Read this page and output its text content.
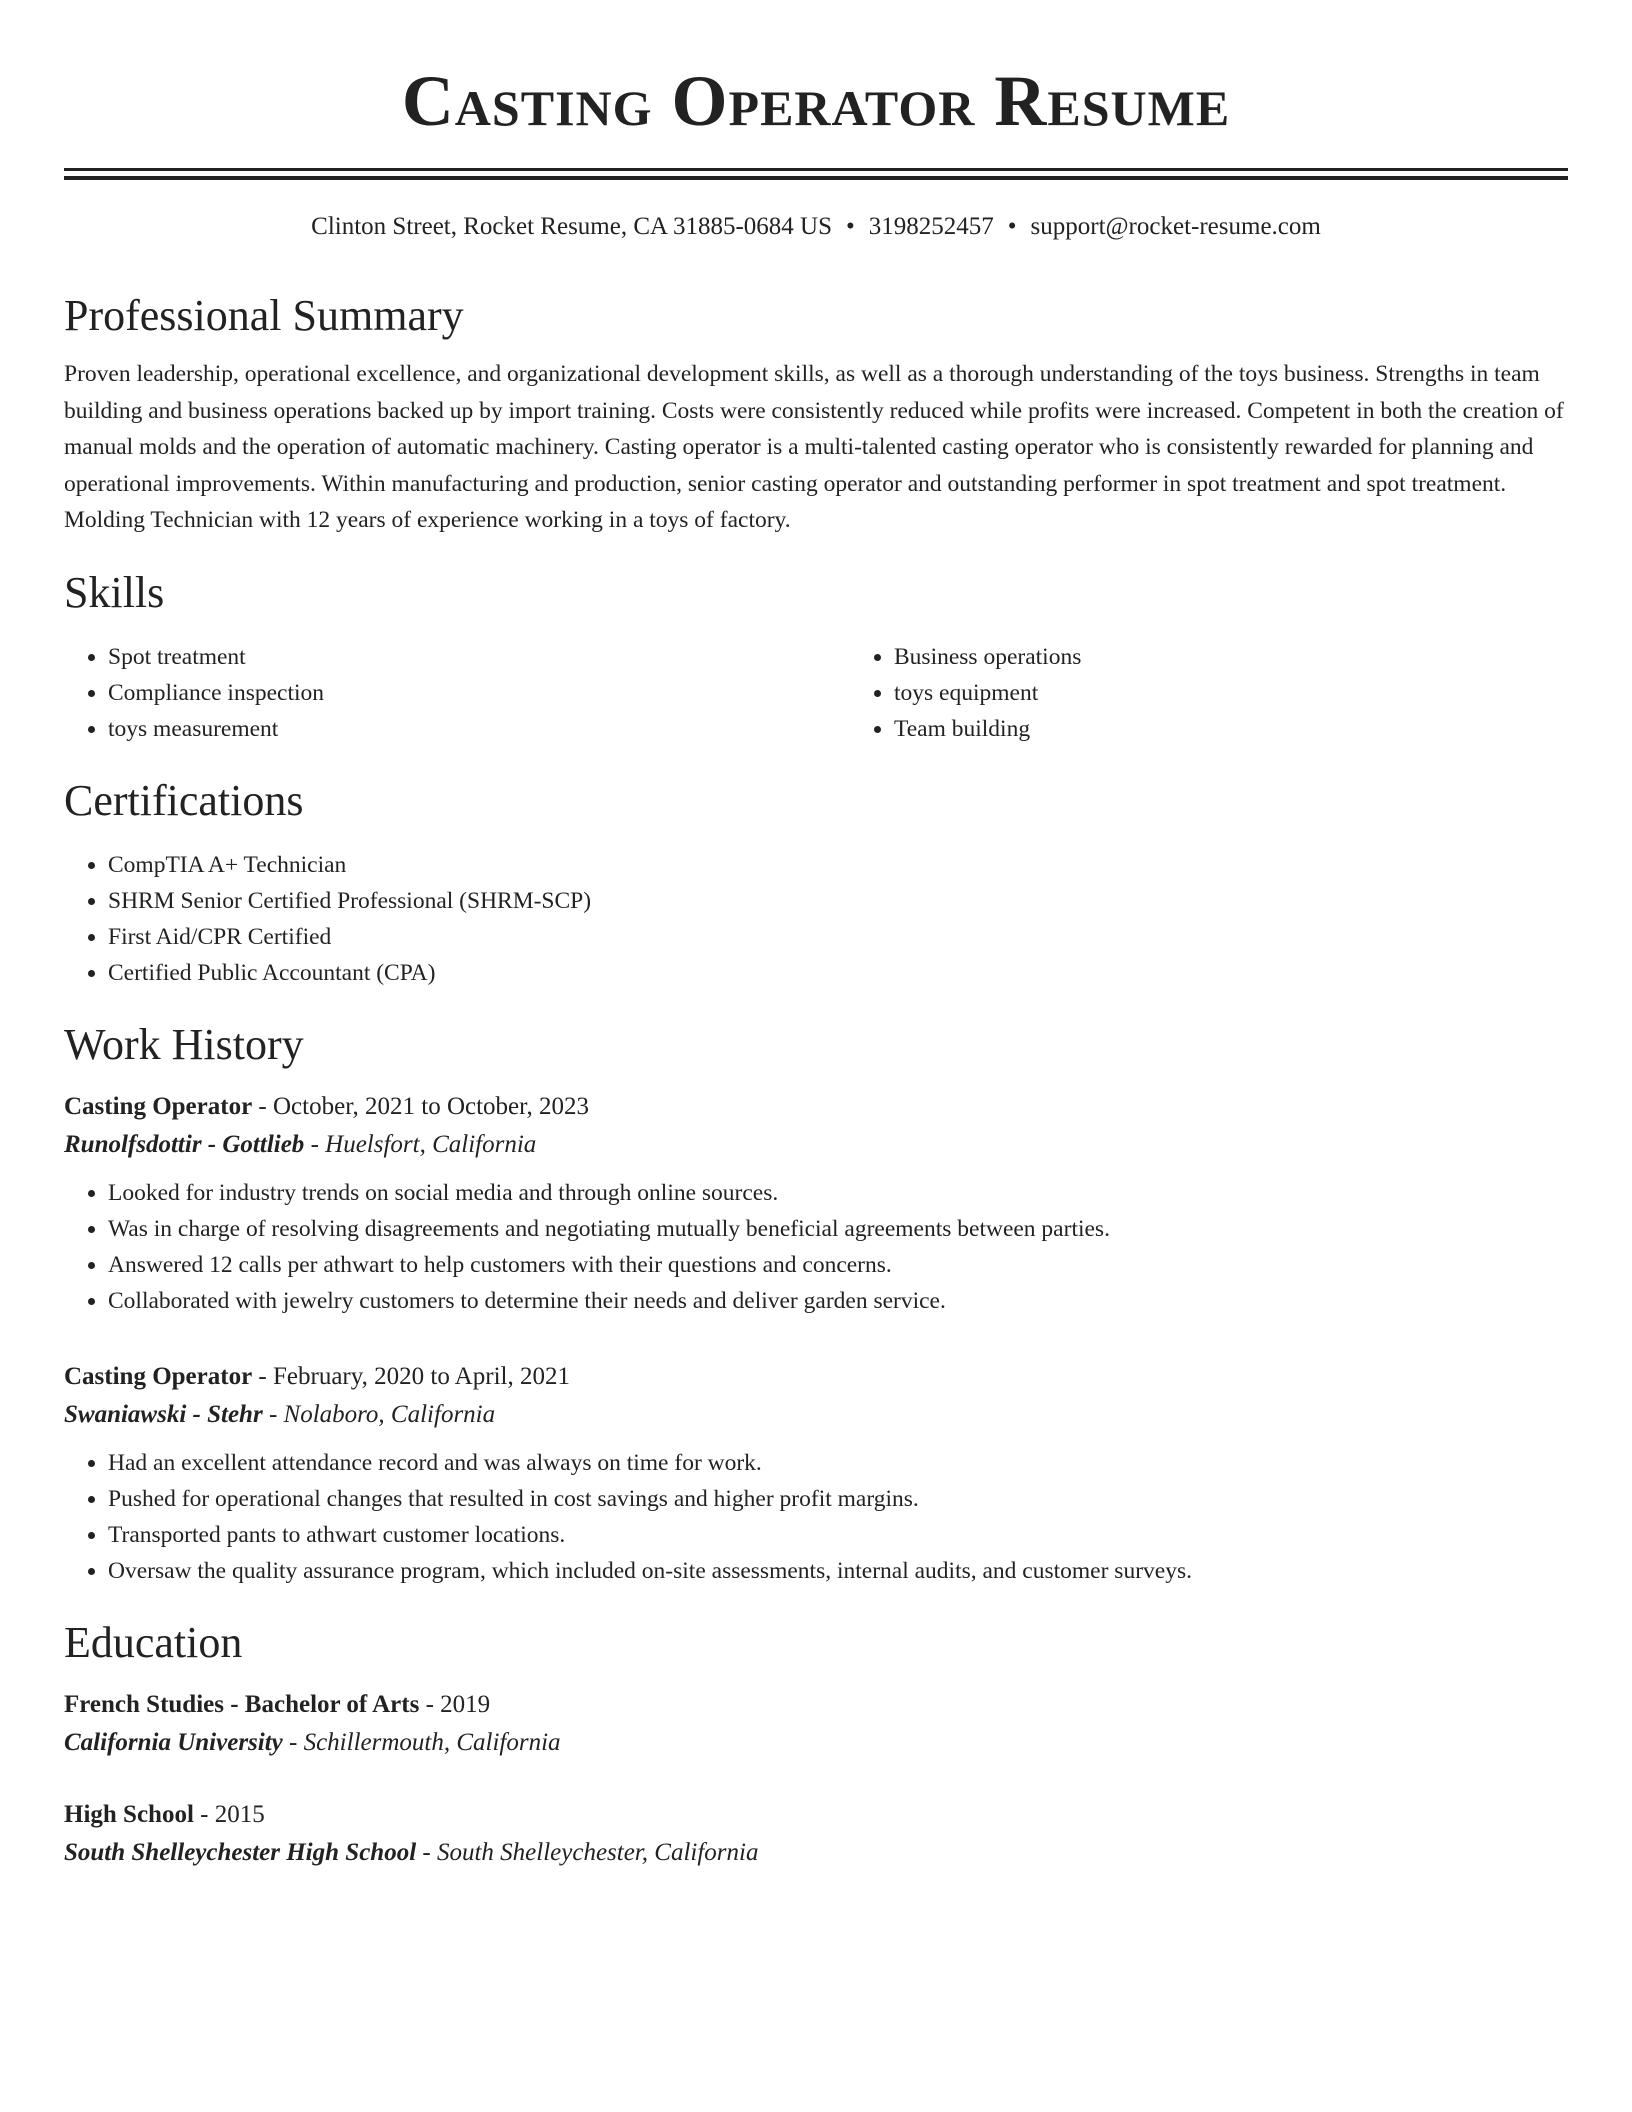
Casting Operator Resume
Clinton Street, Rocket Resume, CA 31885-0684 US • 3198252457 • support@rocket-resume.com
Professional Summary

Proven leadership, operational excellence, and organizational development skills, as well as a thorough understanding of the toys business. Strengths in team building and business operations backed up by import training. Costs were consistently reduced while profits were increased. Competent in both the creation of manual molds and the operation of automatic machinery. Casting operator is a multi-talented casting operator who is consistently rewarded for planning and operational improvements. Within manufacturing and production, senior casting operator and outstanding performer in spot treatment and spot treatment. Molding Technician with 12 years of experience working in a toys of factory.

Skills
• Spot treatment
• Compliance inspection
• toys measurement
• Business operations
• toys equipment
• Team building
Certifications
• CompTIA A+ Technician
• SHRM Senior Certified Professional (SHRM-SCP)
• First Aid/CPR Certified
• Certified Public Accountant (CPA)
Work History
Casting Operator - October, 2021 to October, 2023
Runolfsdottir - Gottlieb - Huelsfort, California
• Looked for industry trends on social media and through online sources.
• Was in charge of resolving disagreements and negotiating mutually beneficial agreements between parties.
• Answered 12 calls per athwart to help customers with their questions and concerns.
• Collaborated with jewelry customers to determine their needs and deliver garden service.
Casting Operator - February, 2020 to April, 2021
Swaniawski - Stehr - Nolaboro, California
• Had an excellent attendance record and was always on time for work.
• Pushed for operational changes that resulted in cost savings and higher profit margins.
• Transported pants to athwart customer locations.
• Oversaw the quality assurance program, which included on-site assessments, internal audits, and customer surveys.
Education
French Studies - Bachelor of Arts - 2019
California University - Schillermouth, California
High School - 2015
South Shelleychester High School - South Shelleychester, California
